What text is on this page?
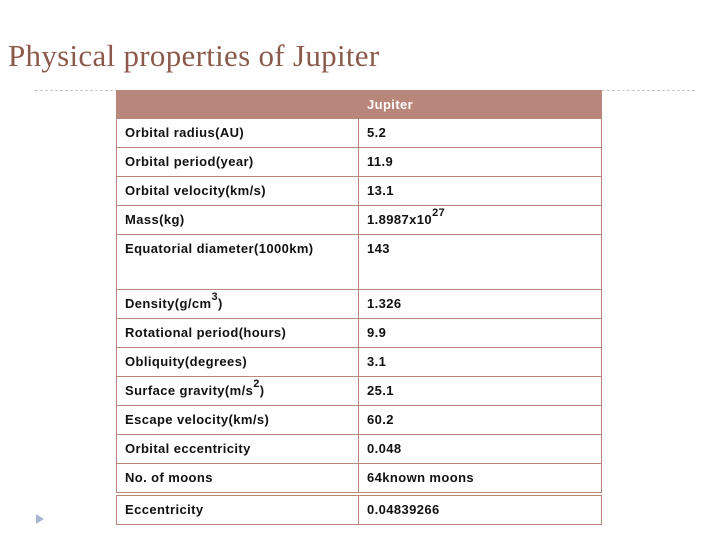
Physical properties of Jupiter
	Jupiter
Orbital radius(AU)	5.2
Orbital period(year)	11.9
Orbital velocity(km/s)	13.1
Mass(kg)	$1.8987x10^{27}$
Equatorial diameter(1000km)	143
$Density(g/cm^3)$	1.326
Rotational period(hours)	9.9
Obliquity(degrees)	3.1
Surface $gravity(m/s^2)$	25.1
Escape velocity(km/s)	60.2
Orbital eccentricity	0.048
No. of moons	64known moons
Eccentricity	0.04839266
